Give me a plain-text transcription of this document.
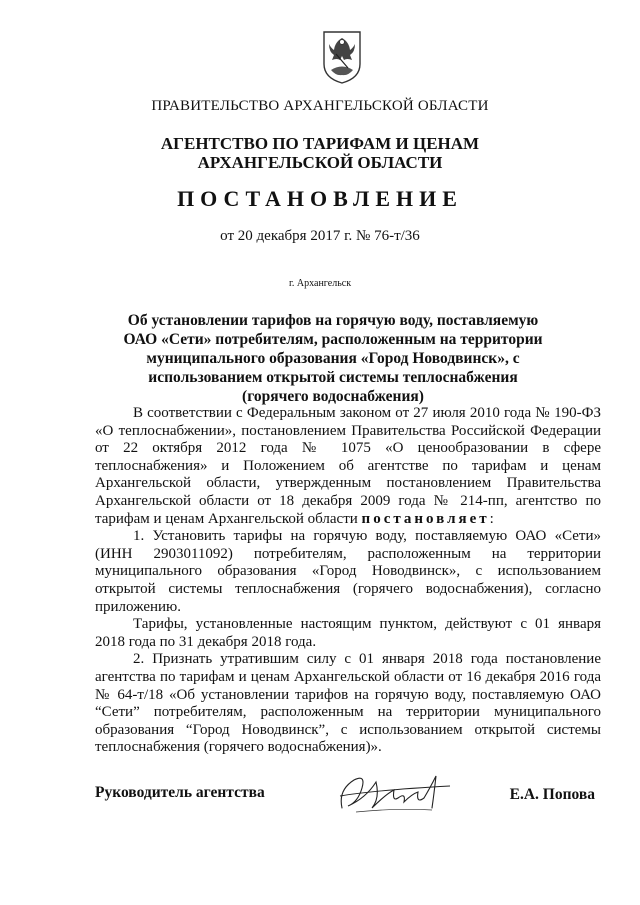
ПРАВИТЕЛЬСТВО АРХАНГЕЛЬСКОЙ ОБЛАСТИ
АГЕНТСТВО ПО ТАРИФАМ И ЦЕНАМ
АРХАНГЕЛЬСКОЙ ОБЛАСТИ
ПОСТАНОВЛЕНИЕ
от 20 декабря 2017 г. № 76-т/36
г. Архангельск
Об установлении тарифов на горячую воду, поставляемую ОАО «Сети» потребителям, расположенным на территории муниципального образования «Город Новодвинск», с использованием открытой системы теплоснабжения (горячего водоснабжения)

В соответствии с Федеральным законом от 27 июля 2010 года № 190-ФЗ «О теплоснабжении», постановлением Правительства Российской Федерации от 22 октября 2012 года № 1075 «О ценообразовании в сфере теплоснабжения» и Положением об агентстве по тарифам и ценам Архангельской области, утвержденным постановлением Правительства Архангельской области от 18 декабря 2009 года № 214-пп, агентство по тарифам и ценам Архангельской области постановляет:

1. Установить тарифы на горячую воду, поставляемую ОАО «Сети» (ИНН 2903011092) потребителям, расположенным на территории муниципального образования «Город Новодвинск», с использованием открытой системы теплоснабжения (горячего водоснабжения), согласно приложению.

Тарифы, установленные настоящим пунктом, действуют с 01 января 2018 года по 31 декабря 2018 года.

2. Признать утратившим силу с 01 января 2018 года постановление агентства по тарифам и ценам Архангельской области от 16 декабря 2016 года № 64-т/18 «Об установлении тарифов на горячую воду, поставляемую ОАО “Сети” потребителям, расположенным на территории муниципального образования “Город Новодвинск”, с использованием открытой системы теплоснабжения (горячего водоснабжения)».

Руководитель агентства	Е.А. Попова
